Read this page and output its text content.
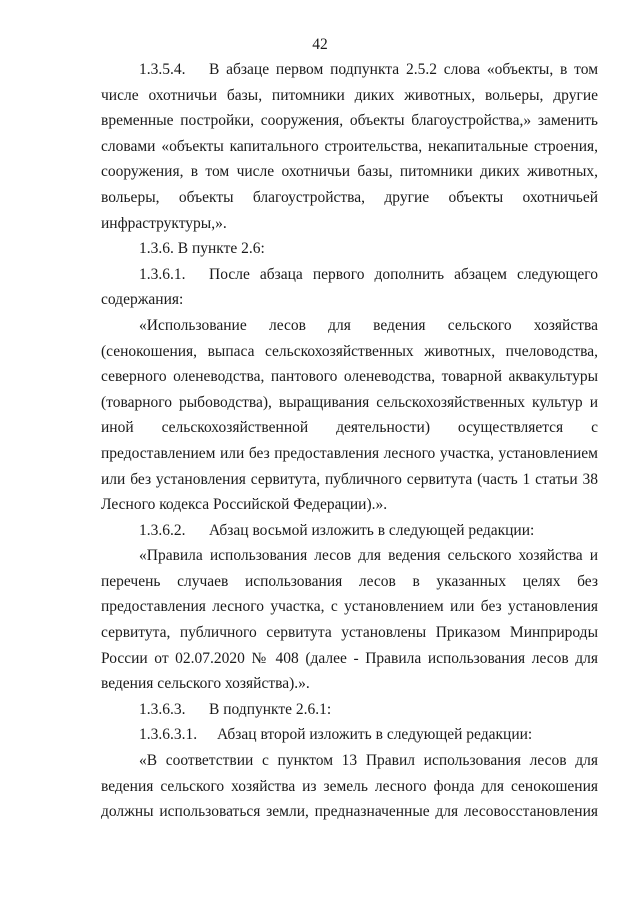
42

1.3.5.4. В абзаце первом подпункта 2.5.2 слова «объекты, в том числе охотничьи базы, питомники диких животных, вольеры, другие временные постройки, сооружения, объекты благоустройства,» заменить словами «объекты капитального строительства, некапитальные строения, сооружения, в том числе охотничьи базы, питомники диких животных, вольеры, объекты благоустройства, другие объекты охотничьей инфраструктуры,».

1.3.6. В пункте 2.6:

1.3.6.1. После абзаца первого дополнить абзацем следующего содержания:

«Использование лесов для ведения сельского хозяйства (сенокошения, выпаса сельскохозяйственных животных, пчеловодства, северного оленеводства, пантового оленеводства, товарной аквакультуры (товарного рыбоводства), выращивания сельскохозяйственных культур и иной сельскохозяйственной деятельности) осуществляется с предоставлением или без предоставления лесного участка, установлением или без установления сервитута, публичного сервитута (часть 1 статьи 38 Лесного кодекса Российской Федерации).».

1.3.6.2. Абзац восьмой изложить в следующей редакции:

«Правила использования лесов для ведения сельского хозяйства и перечень случаев использования лесов в указанных целях без предоставления лесного участка, с установлением или без установления сервитута, публичного сервитута установлены Приказом Минприроды России от 02.07.2020 № 408 (далее - Правила использования лесов для ведения сельского хозяйства).».

1.3.6.3. В подпункте 2.6.1:

1.3.6.3.1. Абзац второй изложить в следующей редакции:

«В соответствии с пунктом 13 Правил использования лесов для ведения сельского хозяйства из земель лесного фонда для сенокошения должны использоваться земли, предназначенные для лесовосстановления
